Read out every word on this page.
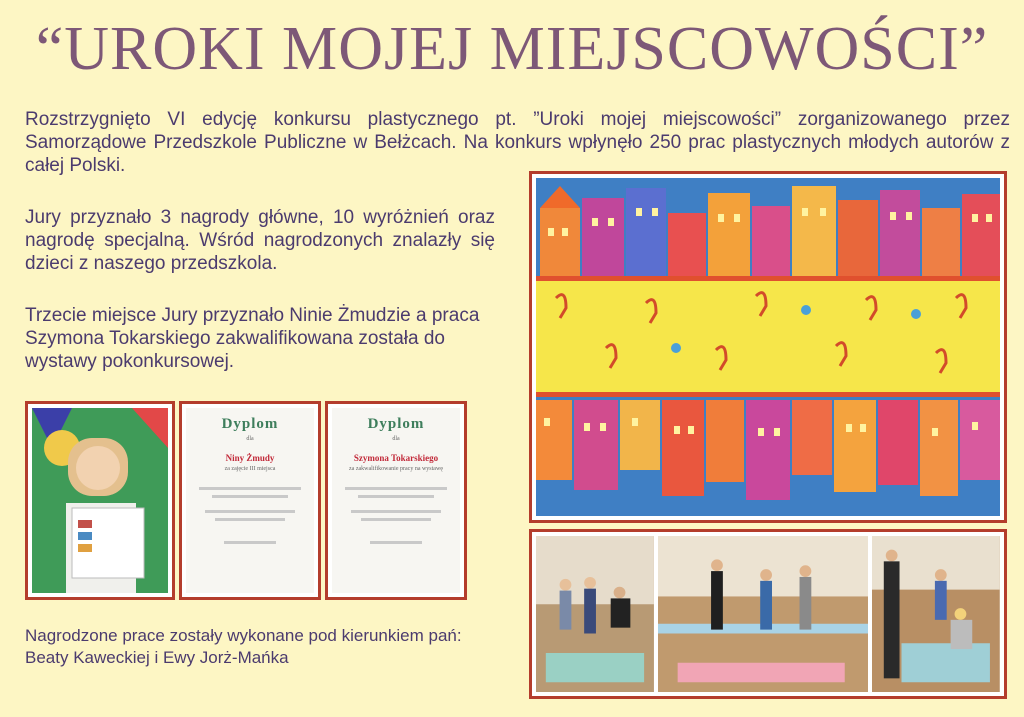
“UROKI MOJEJ MIEJSCOWOŚCI”
Rozstrzygnięto VI edycję konkursu plastycznego pt. ”Uroki mojej miejscowości” zorganizowanego przez Samorządowe Przedszkole Publiczne w Bełżcach. Na konkurs wpłynęło 250 prac plastycznych młodych autorów z całej Polski.
Jury przyznało 3 nagrody główne, 10 wyróżnień oraz nagrodę specjalną. Wśród nagrodzonych znalazły się dzieci z naszego przedszkola.
Trzecie miejsce Jury przyznało Ninie Żmudzie a praca Szymona Tokarskiego zakwalifikowana została do wystawy pokonkursowej.
Nagrodzone prace zostały wykonane pod kierunkiem pań: Beaty Kaweckiej i Ewy Jorż-Mańka
Dyplom
dla
Niny Żmudy
za zajęcie III miejsca
Dyplom
dla
Szymona Tokarskiego
za zakwalifikowanie pracy na wystawę
